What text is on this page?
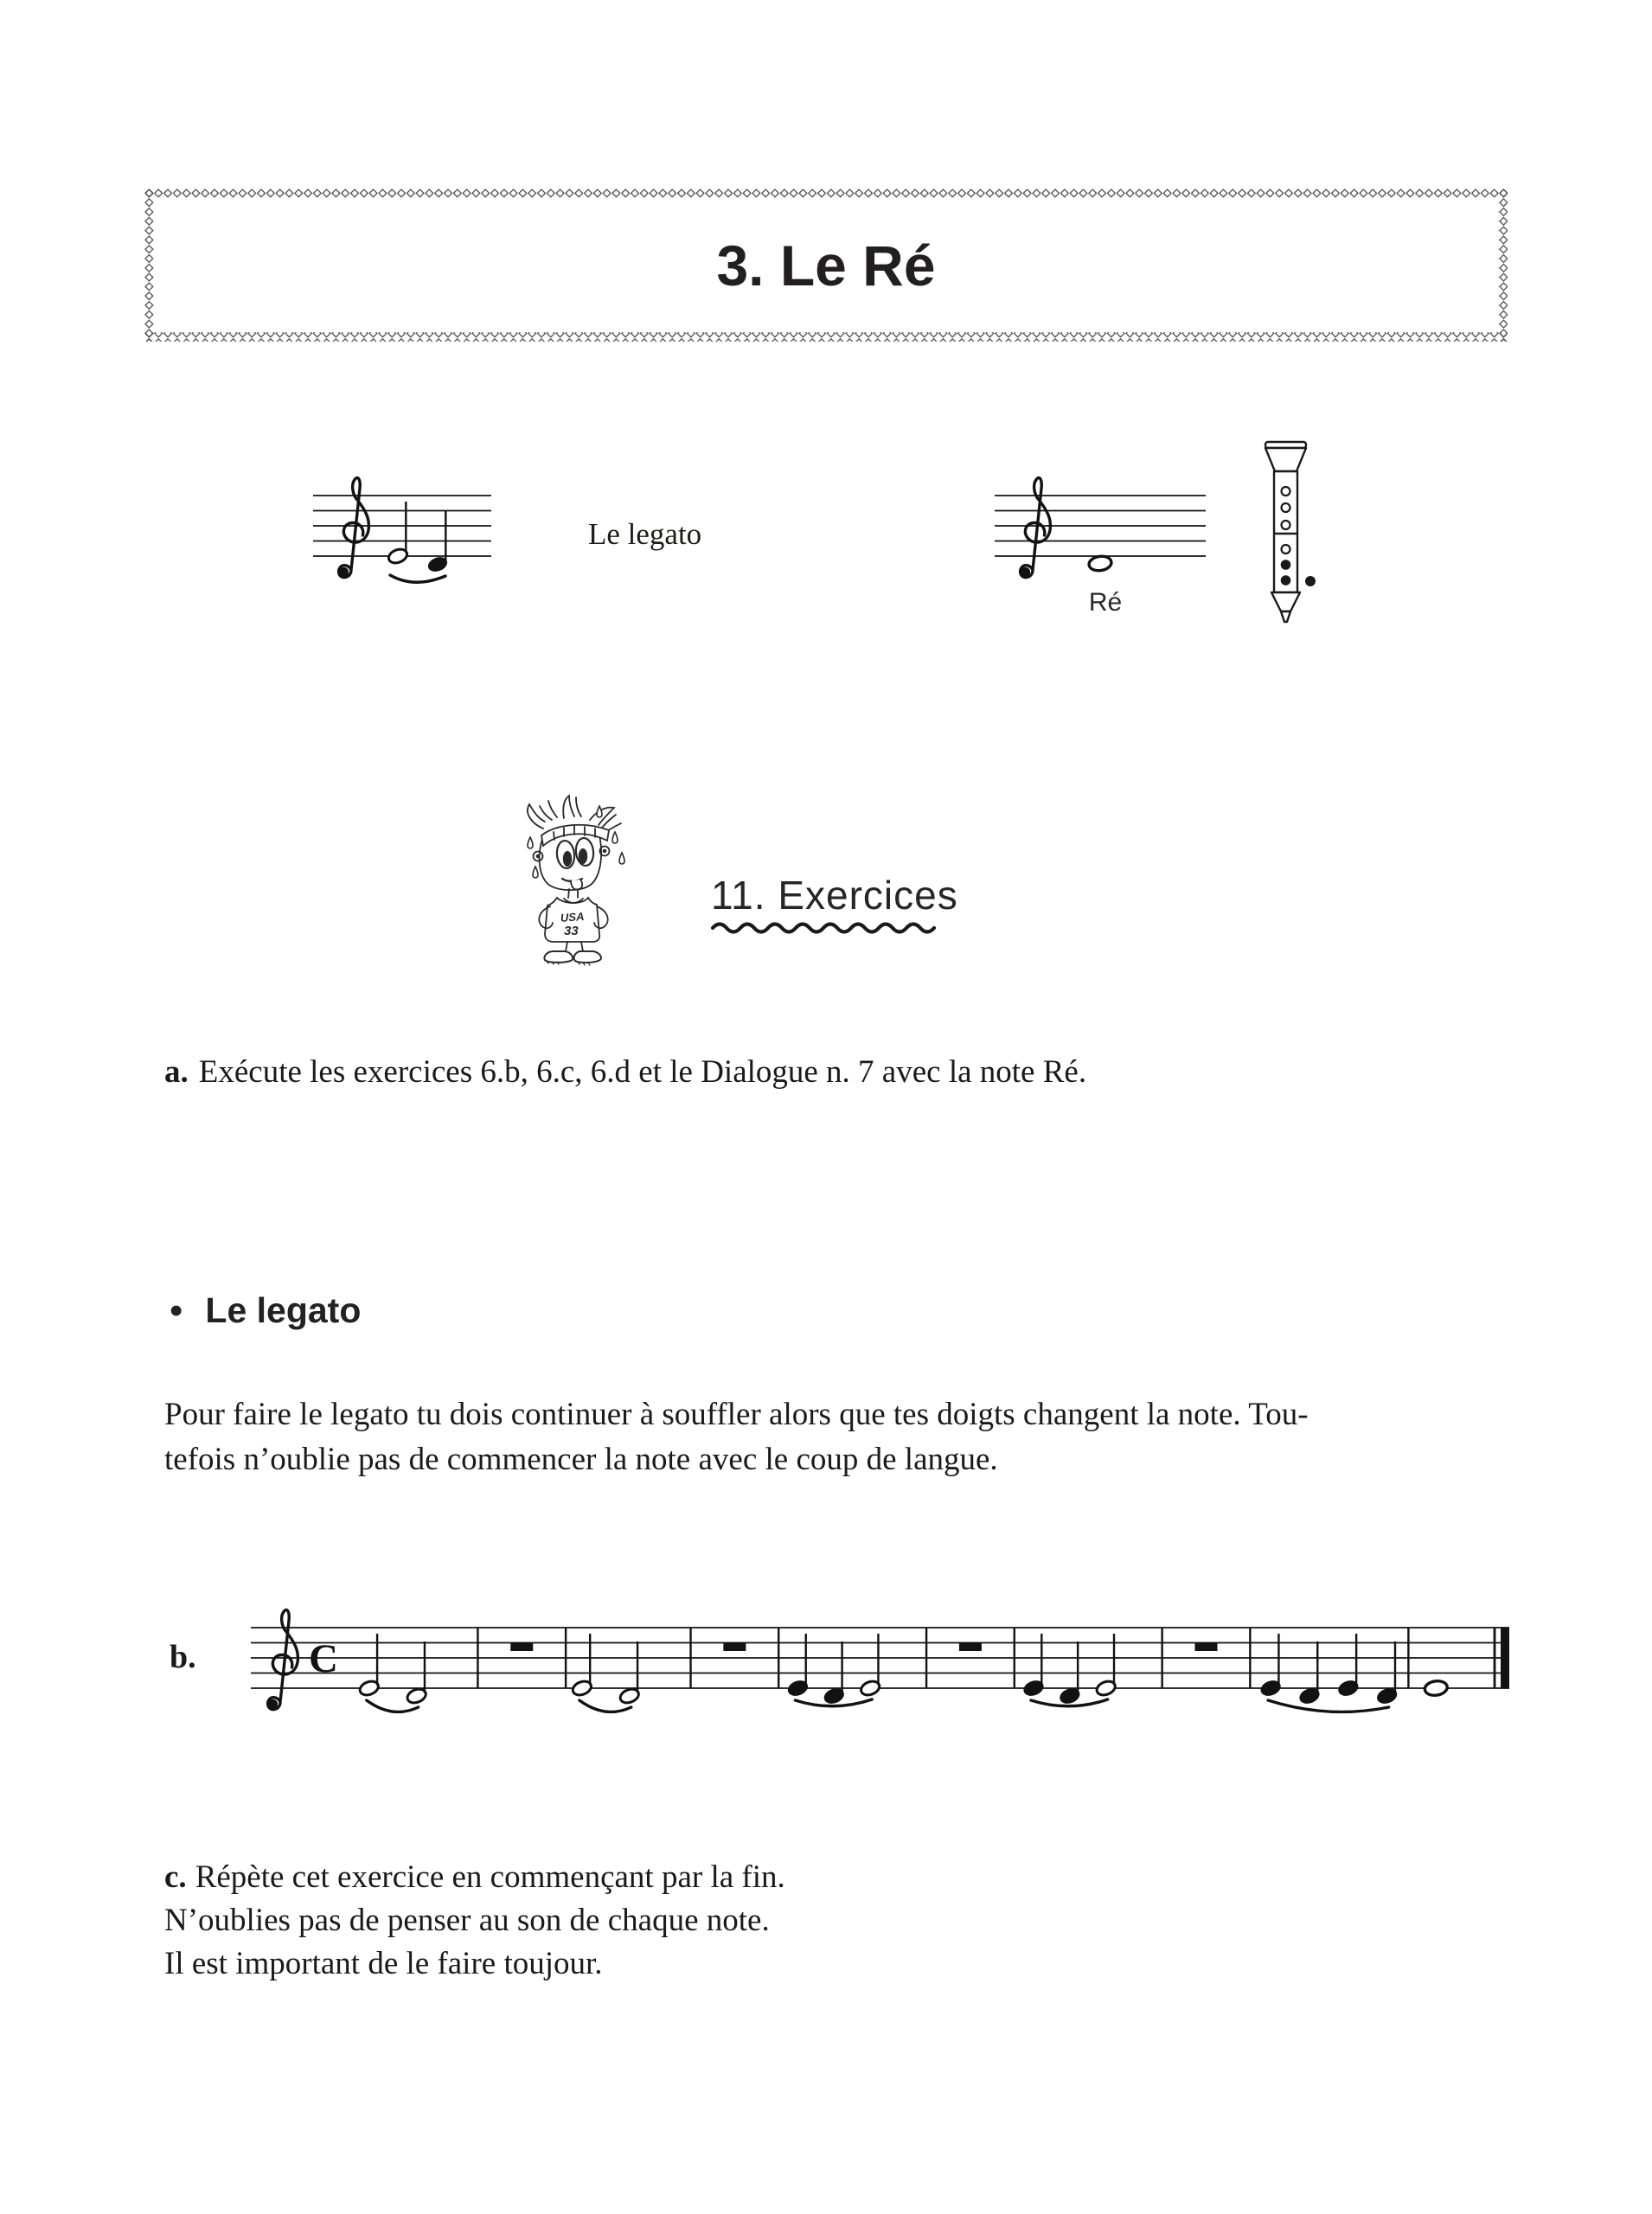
3. Le Ré
Le legato
Ré
USA
33
11. Exercices

a. Exécute les exercices 6.b, 6.c, 6.d et le Dialogue n. 7 avec la note Ré.

• Le legato

Pour faire le legato tu dois continuer à souffler alors que tes doigts changent la note. Tou-
tefois n’oublie pas de commencer la note avec le coup de langue.

b.	C
c. Répète cet exercice en commençant par la fin.
N’oublies pas de penser au son de chaque note.
Il est important de le faire toujour.
